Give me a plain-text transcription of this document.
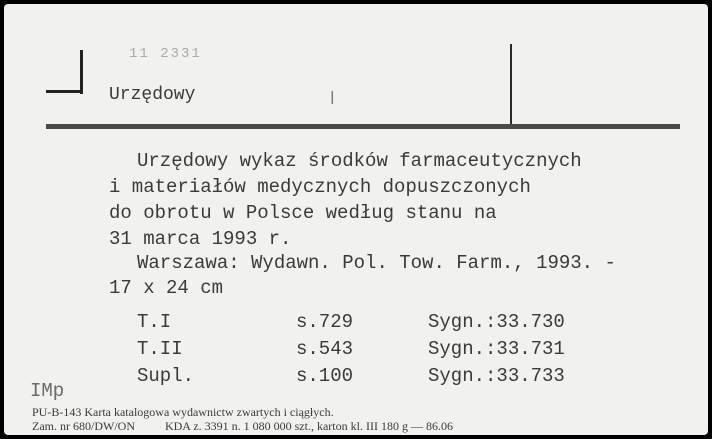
11 2331
Urzędowy	|
Urzędowy wykaz środków farmaceutycznych
i materiałów medycznych dopuszczonych
do obrotu w Polsce według stanu na
31 marca 1993 r.
Warszawa: Wydawn. Pol. Tow. Farm., 1993. -
17 x 24 cm
T.I	s.729	Sygn.:33.730
T.II	s.543	Sygn.:33.731
Supl.	s.100	Sygn.:33.733
IMp
PU-B-143 Karta katalogowa wydawnictw zwartych i ciągłych.
Zam. nr 680/DW/ON          KDA z. 3391 n. 1 080 000 szt., karton kl. III 180 g — 86.06
